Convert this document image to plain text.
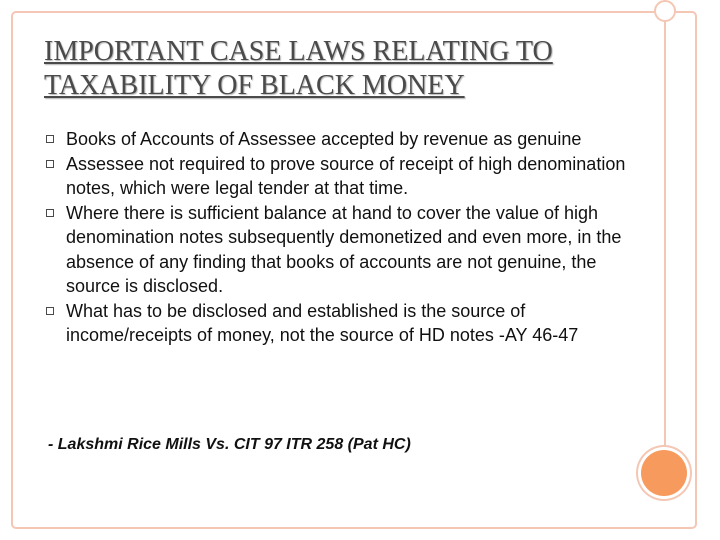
IMPORTANT CASE LAWS RELATING TO TAXABILITY OF BLACK MONEY
Books of Accounts of Assessee accepted by revenue as genuine
Assessee not required to prove source of receipt of high denomination notes, which were legal tender at that time.
Where there is sufficient balance at hand to cover the value of high denomination notes subsequently demonetized and even more, in the absence of any finding that books of accounts are not genuine, the source is disclosed.
What has to be disclosed and established is the source of income/receipts of money, not the source of HD notes -AY 46-47

- Lakshmi Rice Mills Vs. CIT 97 ITR 258 (Pat HC)
